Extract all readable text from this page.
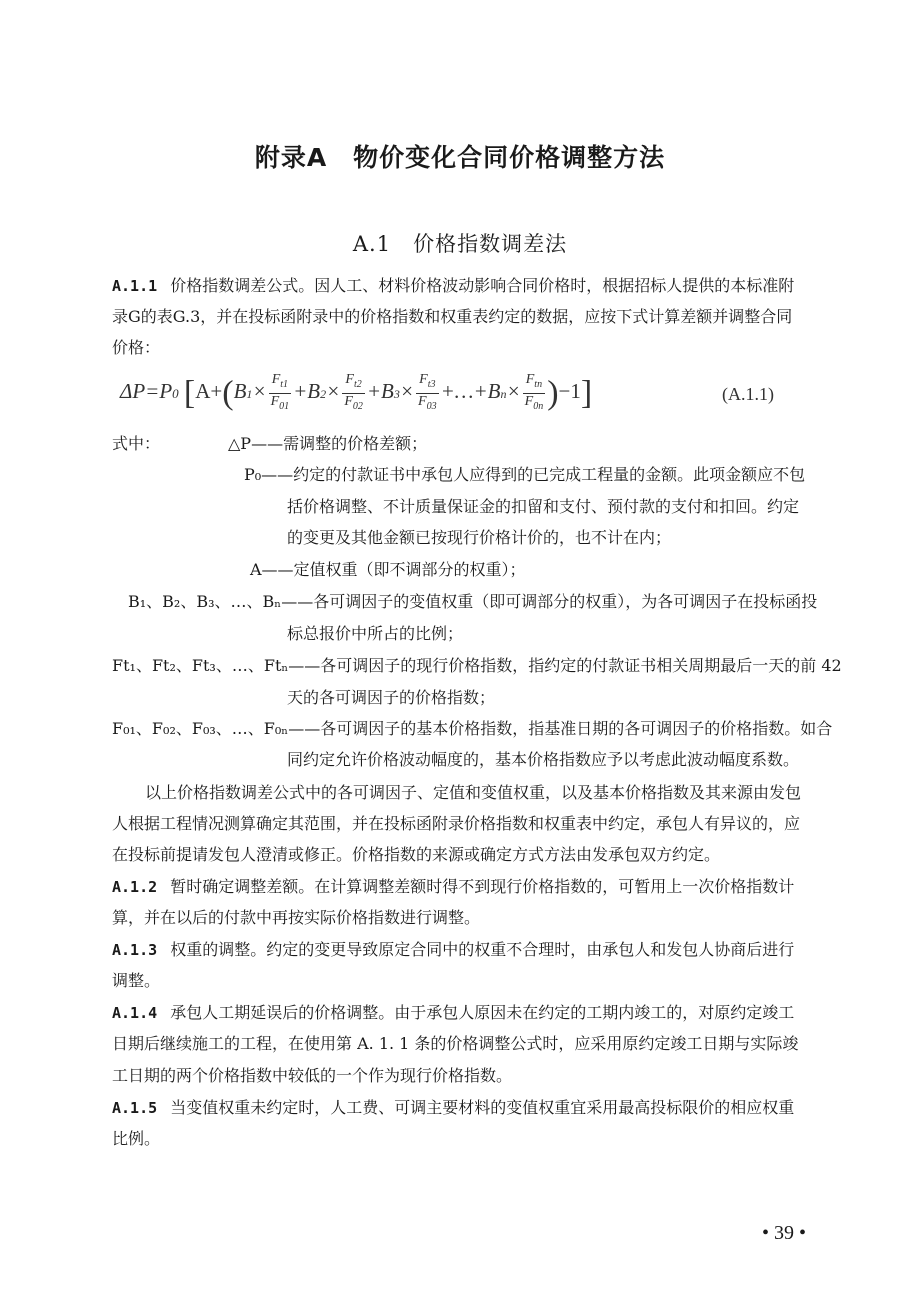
附录A　物价变化合同价格调整方法
A.1　价格指数调差法
A.1.1 价格指数调差公式。因人工、材料价格波动影响合同价格时，根据招标人提供的本标准附
录G的表G.3，并在投标函附录中的价格指数和权重表约定的数据，应按下式计算差额并调整合同
价格：
ΔP=P0 [$A+(B1\times \frac{F_{t1}}{F_{01}} +B2\times \frac{F_{t2}}{F_{02}} +B3\times \frac{F_{t3}}{F_{03}}$ +…+Bn× $\frac{F_{tn}}{F_{0n}} )-1$]	(A.1.1)
式中：	△P——需调整的价格差额；
P₀——约定的付款证书中承包人应得到的已完成工程量的金额。此项金额应不包
括价格调整、不计质量保证金的扣留和支付、预付款的支付和扣回。约定
的变更及其他金额已按现行价格计价的，也不计在内；
A——定值权重（即不调部分的权重）；
B₁、B₂、B₃、…、Bₙ——各可调因子的变值权重（即可调部分的权重），为各可调因子在投标函投
标总报价中所占的比例；
Ft₁、Ft₂、Ft₃、…、Ftₙ——各可调因子的现行价格指数，指约定的付款证书相关周期最后一天的前 42
天的各可调因子的价格指数；
F₀₁、F₀₂、F₀₃、…、F₀ₙ——各可调因子的基本价格指数，指基准日期的各可调因子的价格指数。如合
同约定允许价格波动幅度的，基本价格指数应予以考虑此波动幅度系数。
以上价格指数调差公式中的各可调因子、定值和变值权重，以及基本价格指数及其来源由发包
人根据工程情况测算确定其范围，并在投标函附录价格指数和权重表中约定，承包人有异议的，应
在投标前提请发包人澄清或修正。价格指数的来源或确定方式方法由发承包双方约定。
A.1.2 暂时确定调整差额。在计算调整差额时得不到现行价格指数的，可暂用上一次价格指数计
算，并在以后的付款中再按实际价格指数进行调整。
A.1.3 权重的调整。约定的变更导致原定合同中的权重不合理时，由承包人和发包人协商后进行
调整。
A.1.4 承包人工期延误后的价格调整。由于承包人原因未在约定的工期内竣工的，对原约定竣工
日期后继续施工的工程，在使用第 A. 1. 1 条的价格调整公式时，应采用原约定竣工日期与实际竣
工日期的两个价格指数中较低的一个作为现行价格指数。
A.1.5 当变值权重未约定时，人工费、可调主要材料的变值权重宜采用最高投标限价的相应权重
比例。
• 39 •
